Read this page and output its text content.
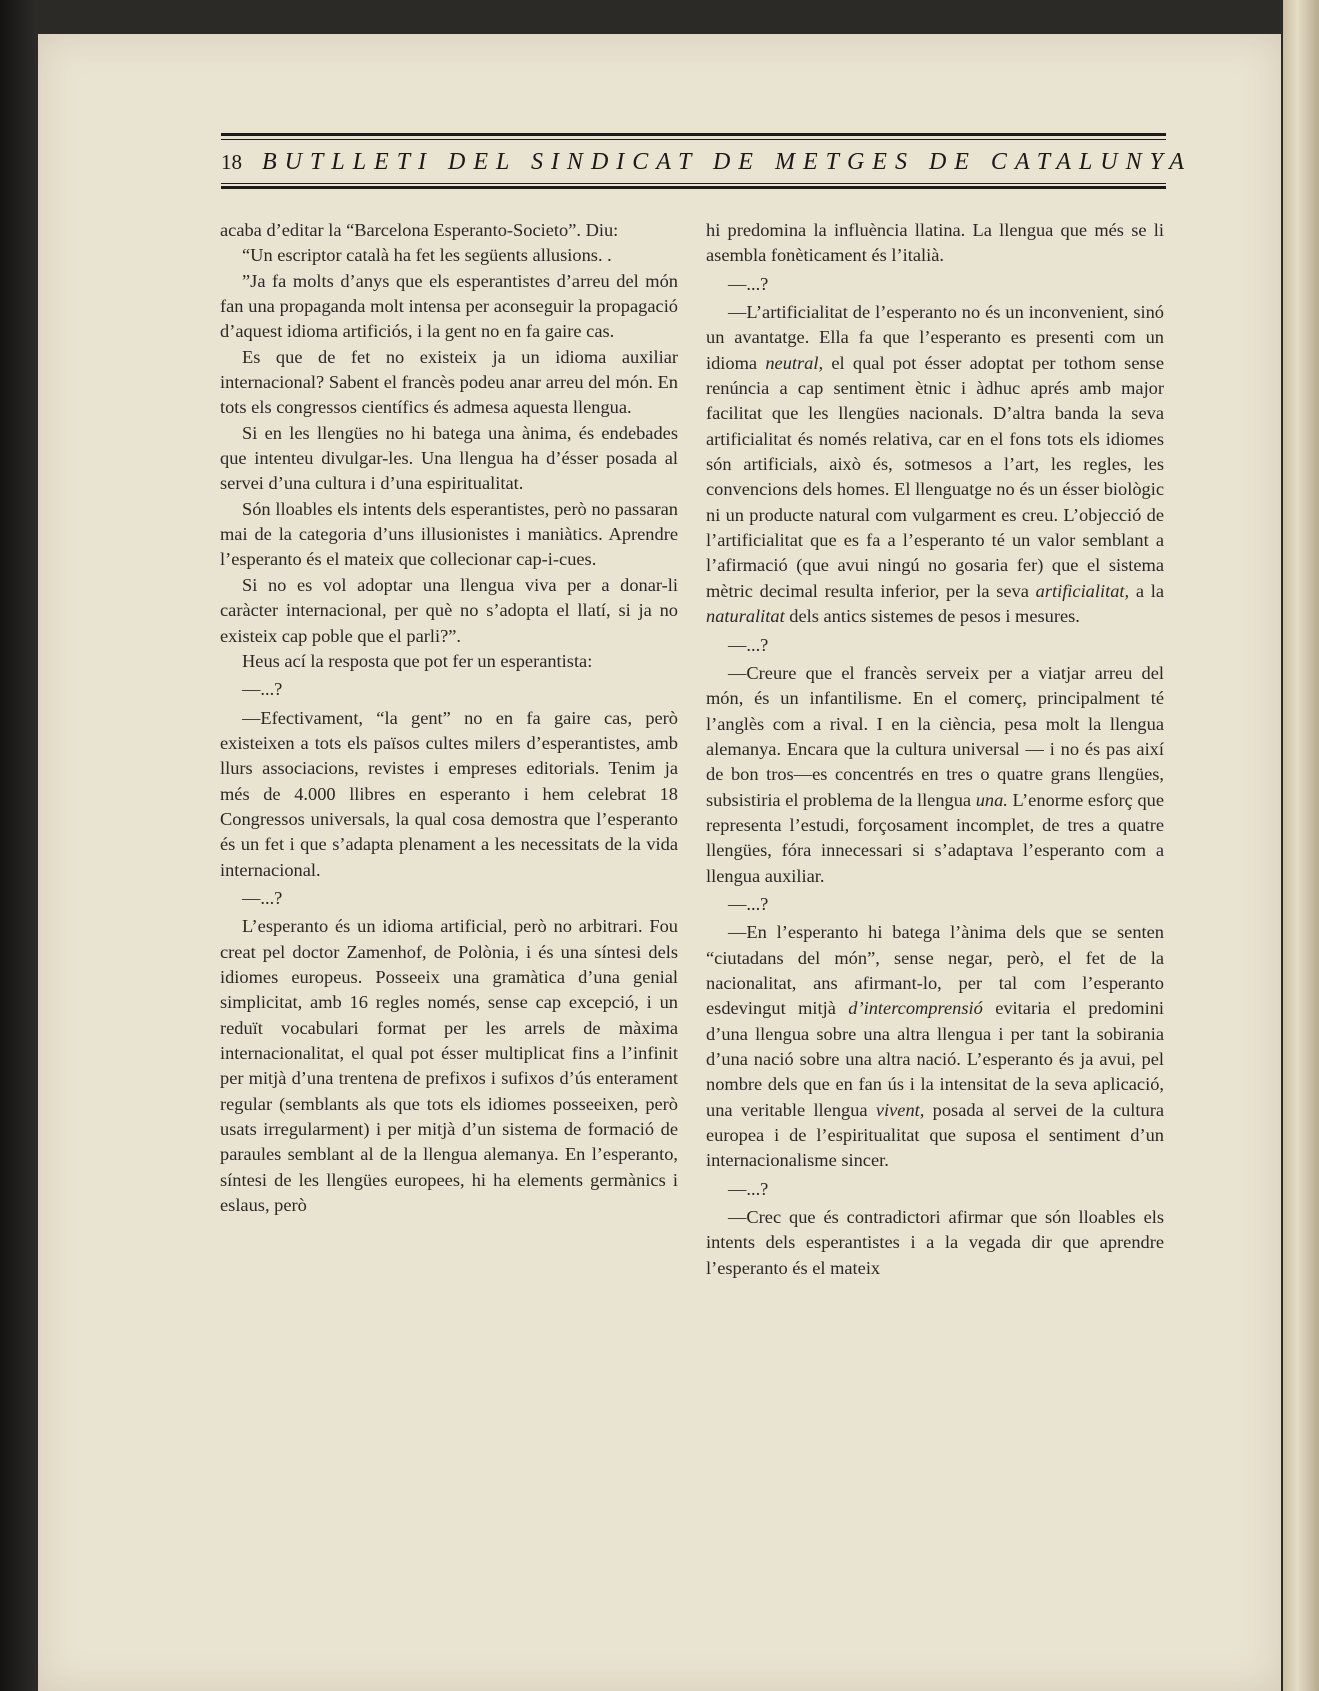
18 BUTLLETI DEL SINDICAT DE METGES DE CATALUNYA

acaba d’editar la “Barcelona Esperanto-Societo”. Diu:

“Un escriptor català ha fet les següents allusions. .

”Ja fa molts d’anys que els esperantistes d’arreu del món fan una propaganda molt intensa per aconseguir la propagació d’aquest idioma artificiós, i la gent no en fa gaire cas.

Es que de fet no existeix ja un idioma auxiliar internacional? Sabent el francès podeu anar arreu del món. En tots els congressos científics és admesa aquesta llengua.

Si en les llengües no hi batega una ànima, és endebades que intenteu divulgar-les. Una llengua ha d’ésser posada al servei d’una cultura i d’una espiritualitat.

Són lloables els intents dels esperantistes, però no passaran mai de la categoria d’uns illusionistes i maniàtics. Aprendre l’esperanto és el mateix que collecionar cap-i-cues.

Si no es vol adoptar una llengua viva per a donar-li caràcter internacional, per què no s’adopta el llatí, si ja no existeix cap poble que el parli?”.

Heus ací la resposta que pot fer un esperantista:

—...?

—Efectivament, “la gent” no en fa gaire cas, però existeixen a tots els països cultes milers d’esperantistes, amb llurs associacions, revistes i empreses editorials. Tenim ja més de 4.000 llibres en esperanto i hem celebrat 18 Congressos universals, la qual cosa demostra que l’esperanto és un fet i que s’adapta plenament a les necessitats de la vida internacional.

—...?

L’esperanto és un idioma artificial, però no arbitrari. Fou creat pel doctor Zamenhof, de Polònia, i és una síntesi dels idiomes europeus. Posseeix una gramàtica d’una genial simplicitat, amb 16 regles només, sense cap excepció, i un reduït vocabulari format per les arrels de màxima internacionalitat, el qual pot ésser multiplicat fins a l’infinit per mitjà d’una trentena de prefixos i sufixos d’ús enterament regular (semblants als que tots els idiomes posseeixen, però usats irregularment) i per mitjà d’un sistema de formació de paraules semblant al de la llengua alemanya. En l’esperanto, síntesi de les llengües europees, hi ha elements germànics i eslaus, però

hi predomina la influència llatina. La llengua que més se li asembla fonèticament és l’italià.

—...?

—L’artificialitat de l’esperanto no és un inconvenient, sinó un avantatge. Ella fa que l’esperanto es presenti com un idioma neutral, el qual pot ésser adoptat per tothom sense renúncia a cap sentiment ètnic i àdhuc aprés amb major facilitat que les llengües nacionals. D’altra banda la seva artificialitat és només relativa, car en el fons tots els idiomes són artificials, això és, sotmesos a l’art, les regles, les convencions dels homes. El llenguatge no és un ésser biològic ni un producte natural com vulgarment es creu. L’objecció de l’artificialitat que es fa a l’esperanto té un valor semblant a l’afirmació (que avui ningú no gosaria fer) que el sistema mètric decimal resulta inferior, per la seva artificialitat, a la naturalitat dels antics sistemes de pesos i mesures.

—...?

—Creure que el francès serveix per a viatjar arreu del món, és un infantilisme. En el comerç, principalment té l’anglès com a rival. I en la ciència, pesa molt la llengua alemanya. Encara que la cultura universal — i no és pas així de bon tros—es concentrés en tres o quatre grans llengües, subsistiria el problema de la llengua una. L’enorme esforç que representa l’estudi, forçosament incomplet, de tres a quatre llengües, fóra innecessari si s’adaptava l’esperanto com a llengua auxiliar.

—...?

—En l’esperanto hi batega l’ànima dels que se senten “ciutadans del món”, sense negar, però, el fet de la nacionalitat, ans afirmant-lo, per tal com l’esperanto esdevingut mitjà d’intercomprensió evitaria el predomini d’una llengua sobre una altra llengua i per tant la sobirania d’una nació sobre una altra nació. L’esperanto és ja avui, pel nombre dels que en fan ús i la intensitat de la seva aplicació, una veritable llengua vivent, posada al servei de la cultura europea i de l’espiritualitat que suposa el sentiment d’un internacionalisme sincer.

—...?

—Crec que és contradictori afirmar que són lloables els intents dels esperantistes i a la vegada dir que aprendre l’esperanto és el mateix
